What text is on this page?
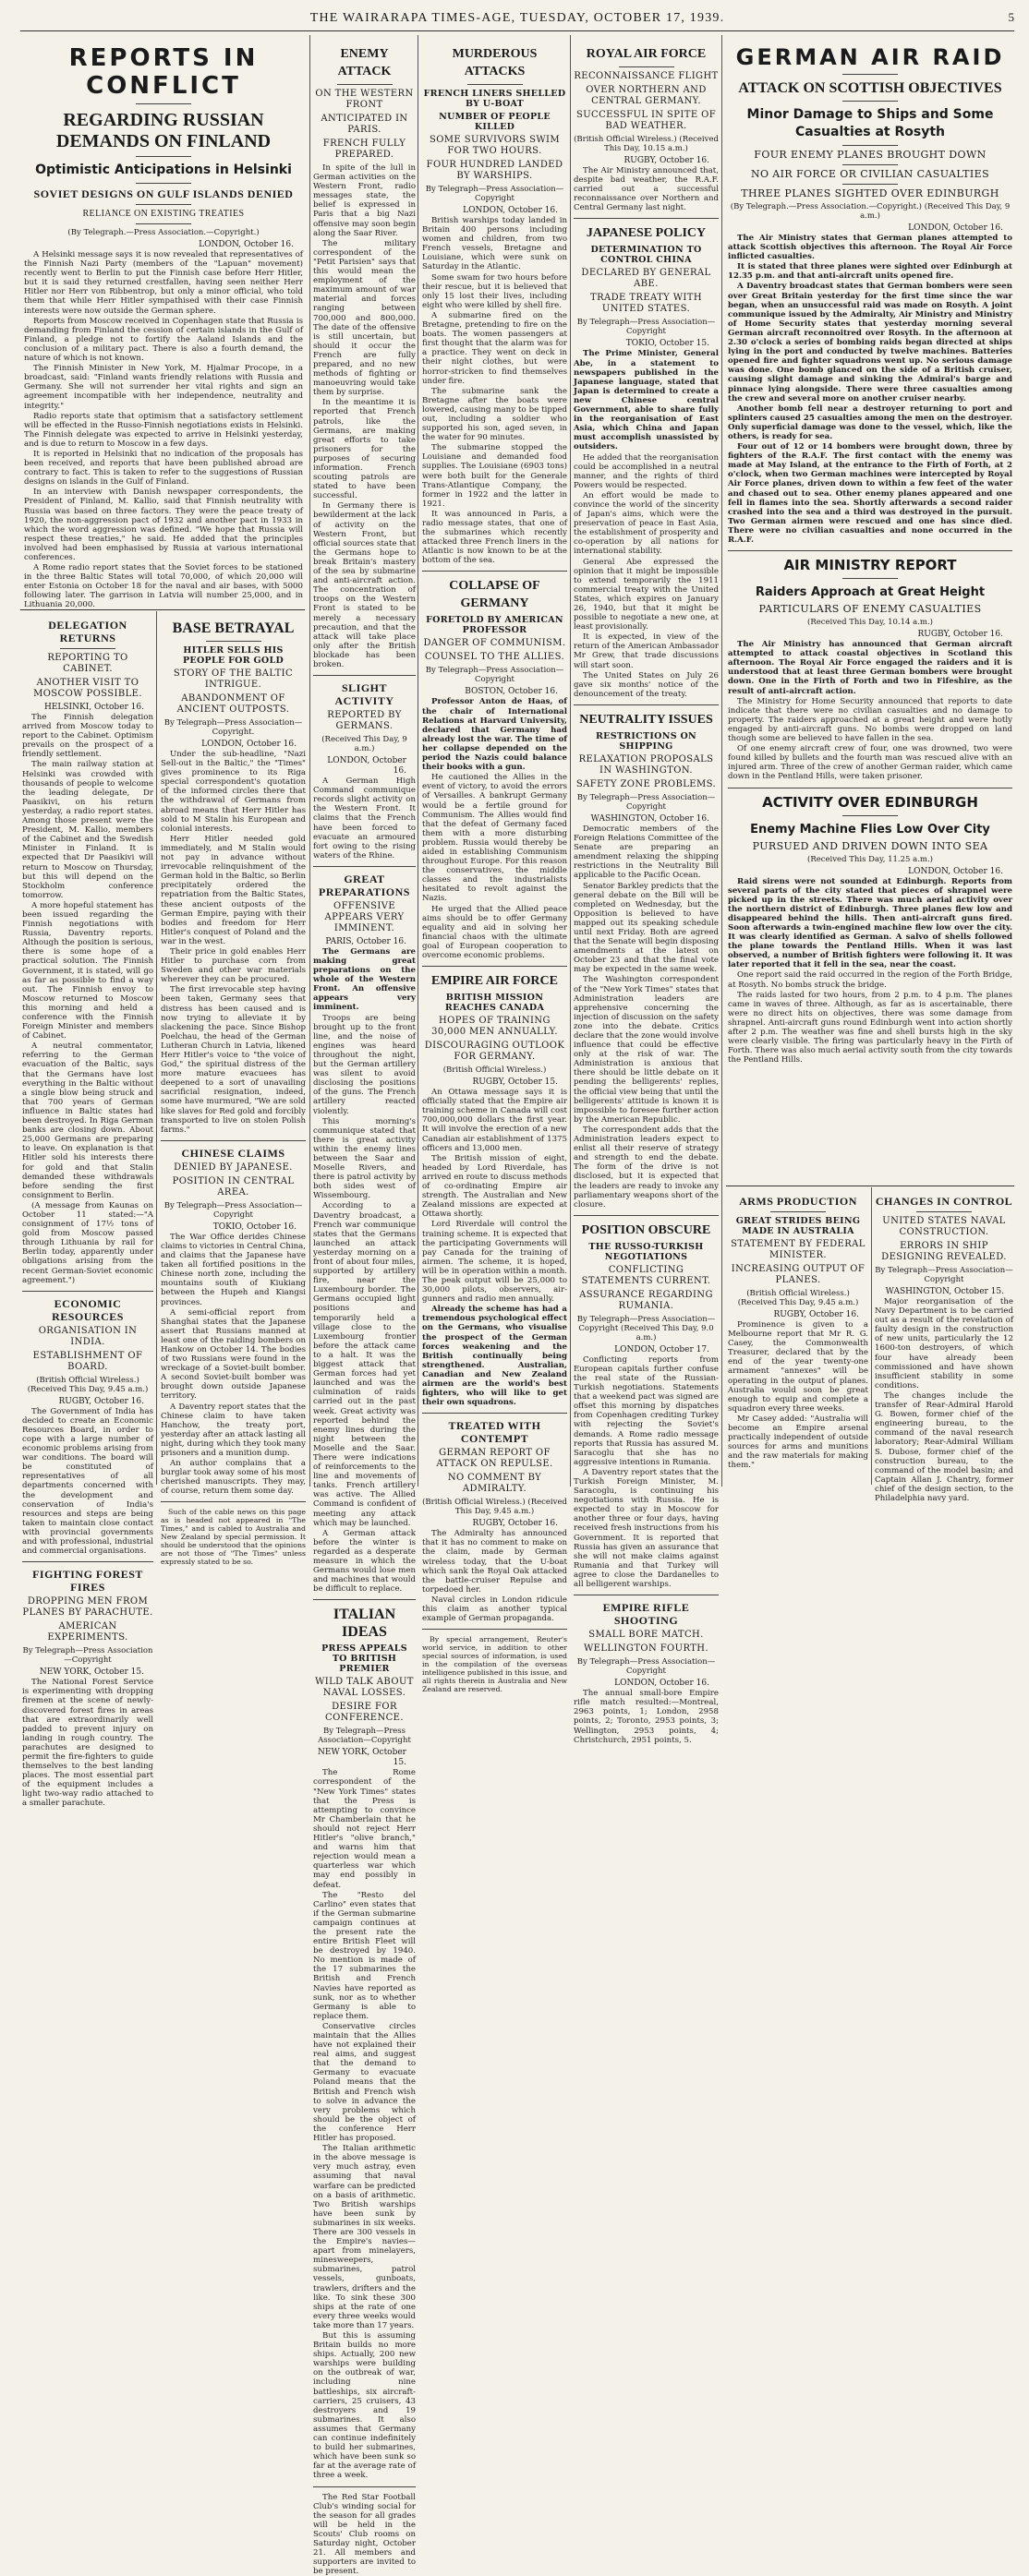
THE WAIRARAPA TIMES-AGE, TUESDAY, OCTOBER 17, 1939.	5
REPORTS IN CONFLICT
REGARDING RUSSIAN DEMANDS ON FINLAND
Optimistic Anticipations in Helsinki
SOVIET DESIGNS ON GULF ISLANDS DENIED
RELIANCE ON EXISTING TREATIES
(By Telegraph.—Press Association.—Copyright.)
LONDON, October 16.

A Helsinki message says it is now revealed that representatives of the Finnish Nazi Party (members of the "Lapuan" movement) recently went to Berlin to put the Finnish case before Herr Hitler, but it is said they returned crestfallen, having seen neither Herr Hitler nor Herr von Ribbentrop, but only a minor official, who told them that while Herr Hitler sympathised with their case Finnish interests were now outside the German sphere.

Reports from Moscow received in Copenhagen state that Russia is demanding from Finland the cession of certain islands in the Gulf of Finland, a pledge not to fortify the Aaland Islands and the conclusion of a military pact. There is also a fourth demand, the nature of which is not known.

The Finnish Minister in New York, M. Hjalmar Procope, in a broadcast, said: "Finland wants friendly relations with Russia and Germany. She will not surrender her vital rights and sign an agreement incompatible with her independence, neutrality and integrity."

Radio reports state that optimism that a satisfactory settlement will be effected in the Russo-Finnish negotiations exists in Helsinki. The Finnish delegate was expected to arrive in Helsinki yesterday, and is due to return to Moscow in a few days.

It is reported in Helsinki that no indication of the proposals has been received, and reports that have been published abroad are contrary to fact. This is taken to refer to the suggestions of Russian designs on islands in the Gulf of Finland.

In an interview with Danish newspaper correspondents, the President of Finland, M. Kallio, said that Finnish neutrality with Russia was based on three factors. They were the peace treaty of 1920, the non-aggression pact of 1932 and another pact in 1933 in which the word aggression was defined. "We hope that Russia will respect these treaties," he said. He added that the principles involved had been emphasised by Russia at various international conferences.

A Rome radio report states that the Soviet forces to be stationed in the three Baltic States will total 70,000, of which 20,000 will enter Estonia on October 18 for the naval and air bases, with 5000 following later. The garrison in Latvia will number 25,000, and in Lithuania 20,000.

DELEGATION RETURNS
REPORTING TO CABINET.
ANOTHER VISIT TO MOSCOW POSSIBLE.
HELSINKI, October 16.

The Finnish delegation arrived from Moscow today to report to the Cabinet. Optimism prevails on the prospect of a friendly settlement.

The main railway station at Helsinki was crowded with thousands of people to welcome the leading delegate, Dr Paasikivi, on his return yesterday, a radio report states. Among those present were the President, M. Kallio, members of the Cabinet and the Swedish Minister in Finland. It is expected that Dr Paasikivi will return to Moscow on Thursday, but this will depend on the Stockholm conference tomorrow.

A more hopeful statement has been issued regarding the Finnish negotiations with Russia, Daventry reports. Although the position is serious, there is some hope of a practical solution. The Finnish Government, it is stated, will go as far as possible to find a way out. The Finnish envoy to Moscow returned to Moscow this morning and held a conference with the Finnish Foreign Minister and members of Cabinet.

A neutral commentator, referring to the German evacuation of the Baltic, says that the Germans have lost everything in the Baltic without a single blow being struck and that 700 years of German influence in Baltic states had been destroyed. In Riga German banks are closing down. About 25,000 Germans are preparing to leave. On explanation is that Hitler sold his interests there for gold and that Stalin demanded these withdrawals before sending the first consignment to Berlin.

(A message from Kaunas on October 11 stated:—"A consignment of 17½ tons of gold from Moscow passed through Lithuania by rail for Berlin today, apparently under obligations arising from the recent German-Soviet economic agreement.")

ECONOMIC RESOURCES
ORGANISATION IN INDIA.
ESTABLISHMENT OF BOARD.
(British Official Wireless.) (Received This Day, 9.45 a.m.)
RUGBY, October 16.

The Government of India has decided to create an Economic Resources Board, in order to cope with a large number of economic problems arising from war conditions. The board will be constituted of representatives of all departments concerned with the development and conservation of India's resources and steps are being taken to maintain close contact with provincial governments and with professional, industrial and commercial organisations.

FIGHTING FOREST FIRES
DROPPING MEN FROM PLANES BY PARACHUTE.
AMERICAN EXPERIMENTS.
By Telegraph—Press Association—Copyright
NEW YORK, October 15.

The National Forest Service is experimenting with dropping firemen at the scene of newly-discovered forest fires in areas that are extraordinarily well padded to prevent injury on landing in rough country. The parachutes are designed to permit the fire-fighters to guide themselves to the best landing places. The most essential part of the equipment includes a light two-way radio attached to a smaller parachute.

BASE BETRAYAL
HITLER SELLS HIS PEOPLE FOR GOLD
STORY OF THE BALTIC INTRIGUE.
ABANDONMENT OF ANCIENT OUTPOSTS.
By Telegraph—Press Association—Copyright.
LONDON, October 16.

Under the sub-headline, "Nazi Sell-out in the Baltic," the "Times" gives prominence to its Riga special correspondent's quotation of the informed circles there that the withdrawal of Germans from abroad means that Herr Hitler has sold to M Stalin his European and colonial interests.

Herr Hitler needed gold immediately, and M Stalin would not pay in advance without irrevocable relinquishment of the German hold in the Baltic, so Berlin precipitately ordered the repatriation from the Baltic States, these ancient outposts of the German Empire, paying with their bodies and freedom for Herr Hitler's conquest of Poland and the war in the west.

Their price in gold enables Herr Hitler to purchase corn from Sweden and other war materials wherever they can be procured.

The first irrevocable step having been taken, Germany sees that distress has been caused and is now trying to alleviate it by slackening the pace. Since Bishop Poelchau, the head of the German Lutheran Church in Latvia, likened Herr Hitler's voice to "the voice of God," the spiritual distress of the more mature evacuees has deepened to a sort of unavailing sacrificial resignation, indeed, some have murmured, "We are sold like slaves for Red gold and forcibly transported to live on stolen Polish farms."

CHINESE CLAIMS
DENIED BY JAPANESE.
POSITION IN CENTRAL AREA.
By Telegraph—Press Association—Copyright
TOKIO, October 16.

The War Office derides Chinese claims to victories in Central China, and claims that the Japanese have taken all fortified positions in the Chinese north zone, including the mountains south of Kiukiang between the Hupeh and Kiangsi provinces.

A semi-official report from Shanghai states that the Japanese assert that Russians manned at least one of the raiding bombers on Hankow on October 14. The bodies of two Russians were found in the wreckage of a Soviet-built bomber. A second Soviet-built bomber was brought down outside Japanese territory.

A Daventry report states that the Chinese claim to have taken Hanchow, the treaty port, yesterday after an attack lasting all night, during which they took many prisoners and a munition dump.

An author complains that a burglar took away some of his most cherished manuscripts. They may, of course, return them some day.

Such of the cable news on this page as is headed not appeared in "The Times," and is cabled to Australia and New Zealand by special permission. It should be understood that the opinions are not those of "The Times" unless expressly stated to be so.

ENEMY ATTACK
ON THE WESTERN FRONT
ANTICIPATED IN PARIS.
FRENCH FULLY PREPARED.

In spite of the lull in German activities on the Western Front, radio messages state, the belief is expressed in Paris that a big Nazi offensive may soon begin along the Saar River.

The military correspondent of the "Petit Parisien" says that this would mean the employment of the maximum amount of war material and forces ranging between 700,000 and 800,000. The date of the offensive is still uncertain, but should it occur the French are fully prepared, and no new methods of fighting or manoeuvring would take them by surprise.

In the meantime it is reported that French patrols, like the Germans, are making great efforts to take prisoners for the purposes of securing information. French scouting patrols are stated to have been successful.

In Germany there is bewilderment at the lack of activity on the Western Front, but official sources state that the Germans hope to break Britain's mastery of the sea by submarine and anti-aircraft action. The concentration of troops on the Western Front is stated to be merely a necessary precaution, and that the attack will take place only after the British blockade has been broken.

SLIGHT ACTIVITY
REPORTED BY GERMANS.
(Received This Day, 9 a.m.)
LONDON, October 16.

A German High Command communique records slight activity on the Western Front. It claims that the French have been forced to evacuate an armoured fort owing to the rising waters of the Rhine.

GREAT PREPARATIONS
OFFENSIVE APPEARS VERY IMMINENT.
PARIS, October 16.

The Germans are making great preparations on the whole of the Western Front. An offensive appears very imminent.

Troops are being brought up to the front line, and the noise of engines was heard throughout the night, but the German artillery was silent to avoid disclosing the positions of the guns. The French artillery reacted violently.

This morning's communique stated that there is great activity within the enemy lines between the Saar and Moselle Rivers, and there is patrol activity by both sides west of Wissembourg.

According to a Daventry broadcast, a French war communique states that the Germans launched an attack yesterday morning on a front of about four miles, supported by artillery fire, near the Luxembourg border. The Germans occupied light positions and temporarily held a village close to the Luxembourg frontier before the attack came to a halt. It was the biggest attack that German forces had yet launched and was the culmination of raids carried out in the past week. Great activity was reported behind the enemy lines during the night between the Moselle and the Saar. There were indications of reinforcements to the line and movements of tanks. French artillery was active. The Allied Command is confident of meeting any attack which may be launched.

A German attack before the winter is regarded as a desperate measure in which the Germans would lose men and machines that would be difficult to replace.

ITALIAN IDEAS
PRESS APPEALS TO BRITISH PREMIER
WILD TALK ABOUT NAVAL LOSSES.
DESIRE FOR CONFERENCE.
By Telegraph—Press Association—Copyright
NEW YORK, October 15.

The Rome correspondent of the "New York Times" states that the Press is attempting to convince Mr Chamberlain that he should not reject Herr Hitler's "olive branch," and warns him that rejection would mean a quarterless war which may end possibly in defeat.

The "Resto del Carlino" even states that if the German submarine campaign continues at the present rate the entire British Fleet will be destroyed by 1940. No mention is made of the 17 submarines the British and French Navies have reported as sunk, nor as to whether Germany is able to replace them.

Conservative circles maintain that the Allies have not explained their real aims, and suggest that the demand to Germany to evacuate Poland means that the British and French wish to solve in advance the very problems which should be the object of the conference Herr Hitler has proposed.

The Italian arithmetic in the above message is very much astray, even assuming that naval warfare can be predicted on a basis of arithmetic. Two British warships have been sunk by submarines in six weeks. There are 300 vessels in the Empire's navies—apart from minelayers, minesweepers, submarines, patrol vessels, gunboats, trawlers, drifters and the like. To sink these 300 ships at the rate of one every three weeks would take more than 17 years.

But this is assuming Britain builds no more ships. Actually, 200 new warships were building on the outbreak of war, including nine battleships, six aircraft-carriers, 25 cruisers, 43 destroyers and 19 submarines. It also assumes that Germany can continue indefinitely to build her submarines, which have been sunk so far at the average rate of three a week.

The Red Star Football Club's winding social for the season for all grades will be held in the Scouts' Club rooms on Saturday night, October 21. All members and supporters are invited to be present.

MURDEROUS ATTACKS
FRENCH LINERS SHELLED BY U-BOAT
NUMBER OF PEOPLE KILLED
SOME SURVIVORS SWIM FOR TWO HOURS.
FOUR HUNDRED LANDED BY WARSHIPS.
By Telegraph—Press Association—Copyright
LONDON, October 16.

British warships today landed in Britain 400 persons including women and children, from two French vessels, Bretagne and Louisiane, which were sunk on Saturday in the Atlantic.

Some swam for two hours before their rescue, but it is believed that only 15 lost their lives, including eight who were killed by shell fire.

A submarine fired on the Bretagne, pretending to fire on the boats. The women passengers at first thought that the alarm was for a practice. They went on deck in their night clothes, but were horror-stricken to find themselves under fire.

The submarine sank the Bretagne after the boats were lowered, causing many to be tipped out, including a soldier who supported his son, aged seven, in the water for 90 minutes.

The submarine stopped the Louisiane and demanded food supplies. The Louisiane (6903 tons) were both built for the Generale Trans-Atlantique Company, the former in 1922 and the latter in 1921.

It was announced in Paris, a radio message states, that one of the submarines which recently attacked three French liners in the Atlantic is now known to be at the bottom of the sea.

COLLAPSE OF GERMANY
FORETOLD BY AMERICAN PROFESSOR
DANGER OF COMMUNISM.
COUNSEL TO THE ALLIES.
By Telegraph—Press Association—Copyright
BOSTON, October 16.

Professor Anton de Haas, of the chair of International Relations at Harvard University, declared that Germany had already lost the war. The time of her collapse depended on the period the Nazis could balance their books with a gun.

He cautioned the Allies in the event of victory, to avoid the errors of Versailles. A bankrupt Germany would be a fertile ground for Communism. The Allies would find that the defeat of Germany faced them with a more disturbing problem. Russia would thereby be aided in establishing Communism throughout Europe. For this reason the conservatives, the middle classes and the industrialists hesitated to revolt against the Nazis.

He urged that the Allied peace aims should be to offer Germany equality and aid in solving her financial chaos with the ultimate goal of European cooperation to overcome economic problems.

EMPIRE AIR FORCE
BRITISH MISSION REACHES CANADA
HOPES OF TRAINING 30,000 MEN ANNUALLY.
DISCOURAGING OUTLOOK FOR GERMANY.
(British Official Wireless.)
RUGBY, October 15.

An Ottawa message says it is officially stated that the Empire air training scheme in Canada will cost 700,000,000 dollars the first year. It will involve the erection of a new Canadian air establishment of 1375 officers and 13,000 men.

The British mission of eight, headed by Lord Riverdale, has arrived en route to discuss methods of co-ordinating Empire air strength. The Australian and New Zealand missions are expected at Ottawa shortly.

Lord Riverdale will control the training scheme. It is expected that the participating Governments will pay Canada for the training of airmen. The scheme, it is hoped, will be in operation within a month. The peak output will be 25,000 to 30,000 pilots, observers, air-gunners and radio men annually.

Already the scheme has had a tremendous psychological effect on the Germans, who visualise the prospect of the German forces weakening and the British continually being strengthened. Australian, Canadian and New Zealand airmen are the world's best fighters, who will like to get their own squadrons.

TREATED WITH CONTEMPT
GERMAN REPORT OF ATTACK ON REPULSE.
NO COMMENT BY ADMIRALTY.
(British Official Wireless.) (Received This Day, 9.45 a.m.)
RUGBY, October 16.

The Admiralty has announced that it has no comment to make on the claim, made by German wireless today, that the U-boat which sank the Royal Oak attacked the battle-cruiser Repulse and torpedoed her.

Naval circles in London ridicule this claim as another typical example of German propaganda.

By special arrangement, Reuter's world service, in addition to other special sources of information, is used in the compilation of the overseas intelligence published in this issue, and all rights therein in Australia and New Zealand are reserved.

ROYAL AIR FORCE
RECONNAISSANCE FLIGHT
OVER NORTHERN AND CENTRAL GERMANY.
SUCCESSFUL IN SPITE OF BAD WEATHER.
(British Official Wireless.) (Received This Day, 10.15 a.m.)
RUGBY, October 16.

The Air Ministry announced that, despite bad weather, the R.A.F. carried out a successful reconnaissance over Northern and Central Germany last night.

JAPANESE POLICY
DETERMINATION TO CONTROL CHINA
DECLARED BY GENERAL ABE.
TRADE TREATY WITH UNITED STATES.
By Telegraph—Press Association—Copyright
TOKIO, October 15.

The Prime Minister, General Abe, in a statement to newspapers published in the Japanese language, stated that Japan is determined to create a new Chinese central Government, able to share fully in the reorganisation of East Asia, which China and Japan must accomplish unassisted by outsiders.

He added that the reorganisation could be accomplished in a neutral manner, and the rights of third Powers would be respected.

An effort would be made to convince the world of the sincerity of Japan's aims, which were the preservation of peace in East Asia, the establishment of prosperity and co-operation by all nations for international stability.

General Abe expressed the opinion that it might be impossible to extend temporarily the 1911 commercial treaty with the United States, which expires on January 26, 1940, but that it might be possible to negotiate a new one, at least provisionally.

It is expected, in view of the return of the American Ambassador Mr Grew, that trade discussions will start soon.

The United States on July 26 gave six months' notice of the denouncement of the treaty.

NEUTRALITY ISSUES
RESTRICTIONS ON SHIPPING
RELAXATION PROPOSALS IN WASHINGTON.
SAFETY ZONE PROBLEMS.
By Telegraph—Press Association—Copyright
WASHINGTON, October 16.

Democratic members of the Foreign Relations Committee of the Senate are preparing an amendment relaxing the shipping restrictions in the Neutrality Bill applicable to the Pacific Ocean.

Senator Barkley predicts that the general debate on the Bill will be completed on Wednesday, but the Opposition is believed to have mapped out its speaking schedule until next Friday. Both are agreed that the Senate will begin disposing amendments at the latest on October 23 and that the final vote may be expected in the same week.

The Washington correspondent of the "New York Times" states that Administration leaders are apprehensive concerning the injection of discussion on the safety zone into the debate. Critics declare that the zone would involve influence that could be effective only at the risk of war. The Administration is anxious that there should be little debate on it pending the belligerents' replies, the official view being that until the belligerents' attitude is known it is impossible to foresee further action by the American Republic.

The correspondent adds that the Administration leaders expect to enlist all their reserve of strategy and strength to end the debate. The form of the drive is not disclosed, but it is expected that the leaders are ready to invoke any parliamentary weapons short of the closure.

POSITION OBSCURE
THE RUSSO-TURKISH NEGOTIATIONS
CONFLICTING STATEMENTS CURRENT.
ASSURANCE REGARDING RUMANIA.
By Telegraph—Press Association—Copyright (Received This Day, 9.0 a.m.)
LONDON, October 17.

Conflicting reports from European capitals further confuse the real state of the Russian-Turkish negotiations. Statements that a weekend pact was signed are offset this morning by dispatches from Copenhagen crediting Turkey with rejecting the Soviet's demands. A Rome radio message reports that Russia has assured M. Saracoglu that she has no aggressive intentions in Rumania.

A Daventry report states that the Turkish Foreign Minister, M. Saracoglu, is continuing his negotiations with Russia. He is expected to stay in Moscow for another three or four days, having received fresh instructions from his Government. It is reported that Russia has given an assurance that she will not make claims against Rumania and that Turkey will agree to close the Dardanelles to all belligerent warships.

EMPIRE RIFLE SHOOTING
SMALL BORE MATCH.
WELLINGTON FOURTH.
By Telegraph—Press Association—Copyright
LONDON, October 16.

The annual small-bore Empire rifle match resulted:—Montreal, 2963 points, 1; London, 2958 points, 2; Toronto, 2953 points, 3; Wellington, 2953 points, 4; Christchurch, 2951 points, 5.

GERMAN AIR RAID
ATTACK ON SCOTTISH OBJECTIVES
Minor Damage to Ships and Some Casualties at Rosyth
FOUR ENEMY PLANES BROUGHT DOWN
NO AIR FORCE OR CIVILIAN CASUALTIES
THREE PLANES SIGHTED OVER EDINBURGH
(By Telegraph.—Press Association.—Copyright.) (Received This Day, 9 a.m.)
LONDON, October 16.

The Air Ministry states that German planes attempted to attack Scottish objectives this afternoon. The Royal Air Force inflicted casualties.

It is stated that three planes were sighted over Edinburgh at 12.35 p.m. and that anti-aircraft units opened fire.

A Daventry broadcast states that German bombers were seen over Great Britain yesterday for the first time since the war began, when an unsuccessful raid was made on Rosyth. A joint communique issued by the Admiralty, Air Ministry and Ministry of Home Security states that yesterday morning several German aircraft reconnoitred over Rosyth. In the afternoon at 2.30 o'clock a series of bombing raids began directed at ships lying in the port and conducted by twelve machines. Batteries opened fire and fighter squadrons went up. No serious damage was done. One bomb glanced on the side of a British cruiser, causing slight damage and sinking the Admiral's barge and pinnace lying alongside. There were three casualties among the crew and several more on another cruiser nearby.

Another bomb fell near a destroyer returning to port and splinters caused 25 casualties among the men on the destroyer. Only superficial damage was done to the vessel, which, like the others, is ready for sea.

Four out of 12 or 14 bombers were brought down, three by fighters of the R.A.F. The first contact with the enemy was made at May Island, at the entrance to the Firth of Forth, at 2 o'clock, when two German machines were intercepted by Royal Air Force planes, driven down to within a few feet of the water and chased out to sea. Other enemy planes appeared and one fell in flames into the sea. Shortly afterwards a second raider crashed into the sea and a third was destroyed in the pursuit. Two German airmen were rescued and one has since died. There were no civilian casualties and none occurred in the R.A.F.

AIR MINISTRY REPORT
Raiders Approach at Great Height
PARTICULARS OF ENEMY CASUALTIES
(Received This Day, 10.14 a.m.)
RUGBY, October 16.

The Air Ministry has announced that German aircraft attempted to attack coastal objectives in Scotland this afternoon. The Royal Air Force engaged the raiders and it is understood that at least three German bombers were brought down. One in the Firth of Forth and two in Fifeshire, as the result of anti-aircraft action.

The Ministry for Home Security announced that reports to date indicate that there were no civilian casualties and no damage to property. The raiders approached at a great height and were hotly engaged by anti-aircraft guns. No bombs were dropped on land though some are believed to have fallen in the sea.

Of one enemy aircraft crew of four, one was drowned, two were found killed by bullets and the fourth man was rescued alive with an injured arm. Three of the crew of another German raider, which came down in the Pentland Hills, were taken prisoner.

ACTIVITY OVER EDINBURGH
Enemy Machine Flies Low Over City
PURSUED AND DRIVEN DOWN INTO SEA
(Received This Day, 11.25 a.m.)
LONDON, October 16.

Raid sirens were not sounded at Edinburgh. Reports from several parts of the city stated that pieces of shrapnel were picked up in the streets. There was much aerial activity over the northern district of Edinburgh. Three planes flew low and disappeared behind the hills. Then anti-aircraft guns fired. Soon afterwards a twin-engined machine flew low over the city. It was clearly identified as German. A salvo of shells followed the plane towards the Pentland Hills. When it was last observed, a number of British fighters were following it. It was later reported that it fell in the sea, near the coast.

One report said the raid occurred in the region of the Forth Bridge, at Rosyth. No bombs struck the bridge.

The raids lasted for two hours, from 2 p.m. to 4 p.m. The planes came in waves of three. Although, as far as is ascertainable, there were no direct hits on objectives, there was some damage from shrapnel. Anti-aircraft guns round Edinburgh went into action shortly after 2 p.m. The weather was fine and shell bursts high in the sky were clearly visible. The firing was particularly heavy in the Firth of Forth. There was also much aerial activity south from the city towards the Pentland Hills.

ARMS PRODUCTION
GREAT STRIDES BEING MADE IN AUSTRALIA
STATEMENT BY FEDERAL MINISTER.
INCREASING OUTPUT OF PLANES.
(British Official Wireless.) (Received This Day, 9.45 a.m.)
RUGBY, October 16.

Prominence is given to a Melbourne report that Mr R. G. Casey, the Commonwealth Treasurer, declared that by the end of the year twenty-one armament "annexes" will be operating in the output of planes. Australia would soon be great enough to equip and complete a squadron every three weeks.

Mr Casey added: "Australia will become an Empire arsenal practically independent of outside sources for arms and munitions and the raw materials for making them."

CHANGES IN CONTROL
UNITED STATES NAVAL CONSTRUCTION.
ERRORS IN SHIP DESIGNING REVEALED.
By Telegraph—Press Association—Copyright
WASHINGTON, October 15.

Major reorganisation of the Navy Department is to be carried out as a result of the revelation of faulty design in the construction of new units, particularly the 12 1600-ton destroyers, of which four have already been commissioned and have shown insufficient stability in some conditions.

The changes include the transfer of Rear-Admiral Harold G. Bowen, former chief of the engineering bureau, to the command of the naval research laboratory; Rear-Admiral William S. Dubose, former chief of the construction bureau, to the command of the model basin; and Captain Allan J. Chantry, former chief of the design section, to the Philadelphia navy yard.
